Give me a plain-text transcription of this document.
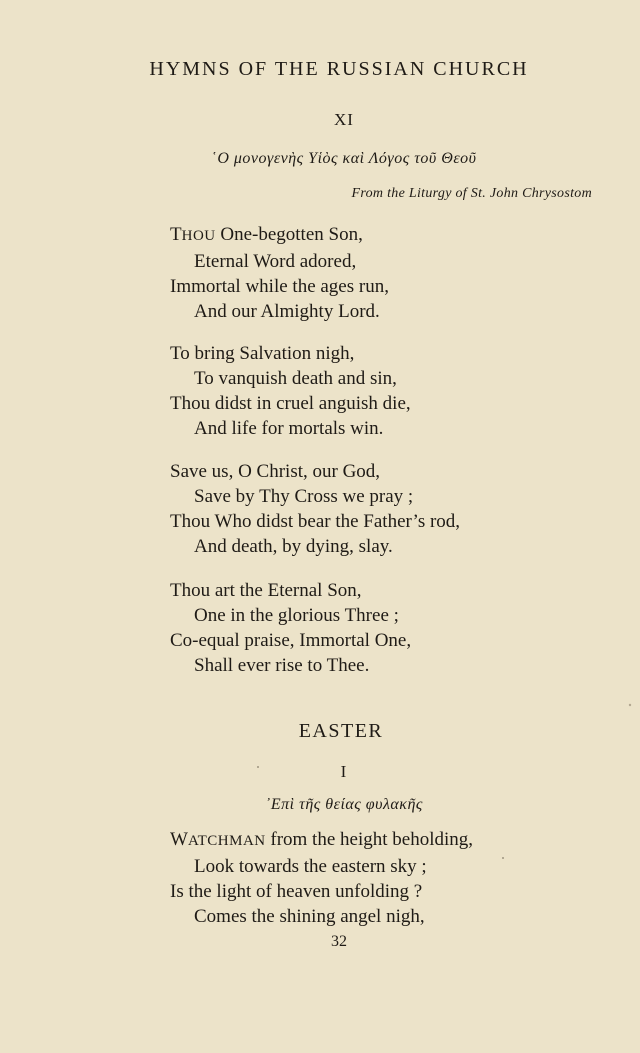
HYMNS OF THE RUSSIAN CHURCH
XI
῾Ο μονογενὴς Υἱὸς καὶ Λόγος τοῦ Θεοῦ
From the Liturgy of St. John Chrysostom
THOU One-begotten Son,
Eternal Word adored,
Immortal while the ages run,
And our Almighty Lord.
To bring Salvation nigh,
To vanquish death and sin,
Thou didst in cruel anguish die,
And life for mortals win.
Save us, O Christ, our God,
Save by Thy Cross we pray ;
Thou Who didst bear the Father’s rod,
And death, by dying, slay.
Thou art the Eternal Son,
One in the glorious Three ;
Co-equal praise, Immortal One,
Shall ever rise to Thee.
EASTER
I
᾿Επὶ τῆς θείας φυλακῆς
WATCHMAN from the height beholding,
Look towards the eastern sky ;
Is the light of heaven unfolding ?
Comes the shining angel nigh,
32
